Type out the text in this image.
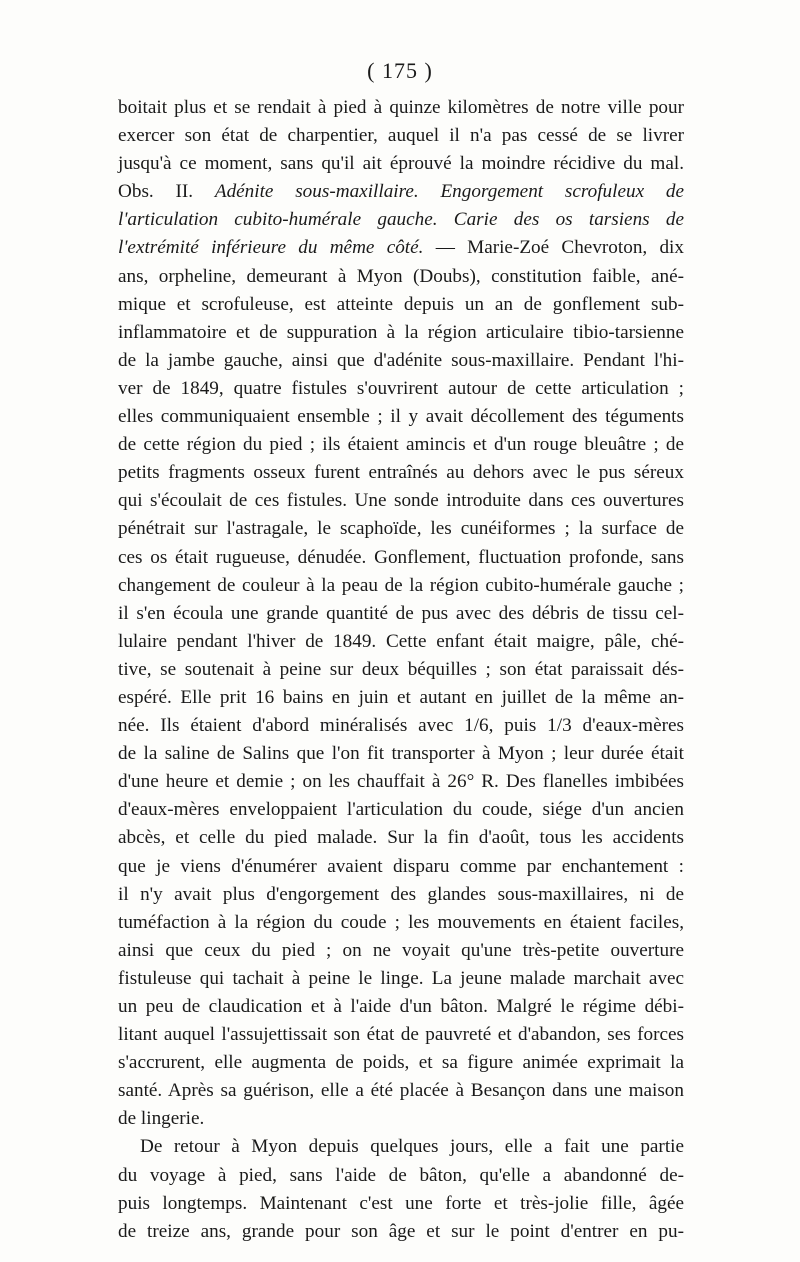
( 175 )
boitait plus et se rendait à pied à quinze kilomètres de notre ville pour
exercer son état de charpentier, auquel il n'a pas cessé de se livrer
jusqu'à ce moment, sans qu'il ait éprouvé la moindre récidive du mal.
Obs. II. Adénite sous-maxillaire. Engorgement scrofuleux de
l'articulation cubito-humérale gauche. Carie des os tarsiens de
l'extrémité inférieure du même côté. — Marie-Zoé Chevroton, dix
ans, orpheline, demeurant à Myon (Doubs), constitution faible, ané-
mique et scrofuleuse, est atteinte depuis un an de gonflement sub-
inflammatoire et de suppuration à la région articulaire tibio-tarsienne
de la jambe gauche, ainsi que d'adénite sous-maxillaire. Pendant l'hi-
ver de 1849, quatre fistules s'ouvrirent autour de cette articulation ;
elles communiquaient ensemble ; il y avait décollement des téguments
de cette région du pied ; ils étaient amincis et d'un rouge bleuâtre ; de
petits fragments osseux furent entraînés au dehors avec le pus séreux
qui s'écoulait de ces fistules. Une sonde introduite dans ces ouvertures
pénétrait sur l'astragale, le scaphoïde, les cunéiformes ; la surface de
ces os était rugueuse, dénudée. Gonflement, fluctuation profonde, sans
changement de couleur à la peau de la région cubito-humérale gauche ;
il s'en écoula une grande quantité de pus avec des débris de tissu cel-
lulaire pendant l'hiver de 1849. Cette enfant était maigre, pâle, ché-
tive, se soutenait à peine sur deux béquilles ; son état paraissait dés-
espéré. Elle prit 16 bains en juin et autant en juillet de la même an-
née. Ils étaient d'abord minéralisés avec 1/6, puis 1/3 d'eaux-mères
de la saline de Salins que l'on fit transporter à Myon ; leur durée était
d'une heure et demie ; on les chauffait à 26° R. Des flanelles imbibées
d'eaux-mères enveloppaient l'articulation du coude, siége d'un ancien
abcès, et celle du pied malade. Sur la fin d'août, tous les accidents
que je viens d'énumérer avaient disparu comme par enchantement :
il n'y avait plus d'engorgement des glandes sous-maxillaires, ni de
tuméfaction à la région du coude ; les mouvements en étaient faciles,
ainsi que ceux du pied ; on ne voyait qu'une très-petite ouverture
fistuleuse qui tachait à peine le linge. La jeune malade marchait avec
un peu de claudication et à l'aide d'un bâton. Malgré le régime débi-
litant auquel l'assujettissait son état de pauvreté et d'abandon, ses forces
s'accrurent, elle augmenta de poids, et sa figure animée exprimait la
santé. Après sa guérison, elle a été placée à Besançon dans une maison
de lingerie.
De retour à Myon depuis quelques jours, elle a fait une partie
du voyage à pied, sans l'aide de bâton, qu'elle a abandonné de-
puis longtemps. Maintenant c'est une forte et très-jolie fille, âgée
de treize ans, grande pour son âge et sur le point d'entrer en pu-
